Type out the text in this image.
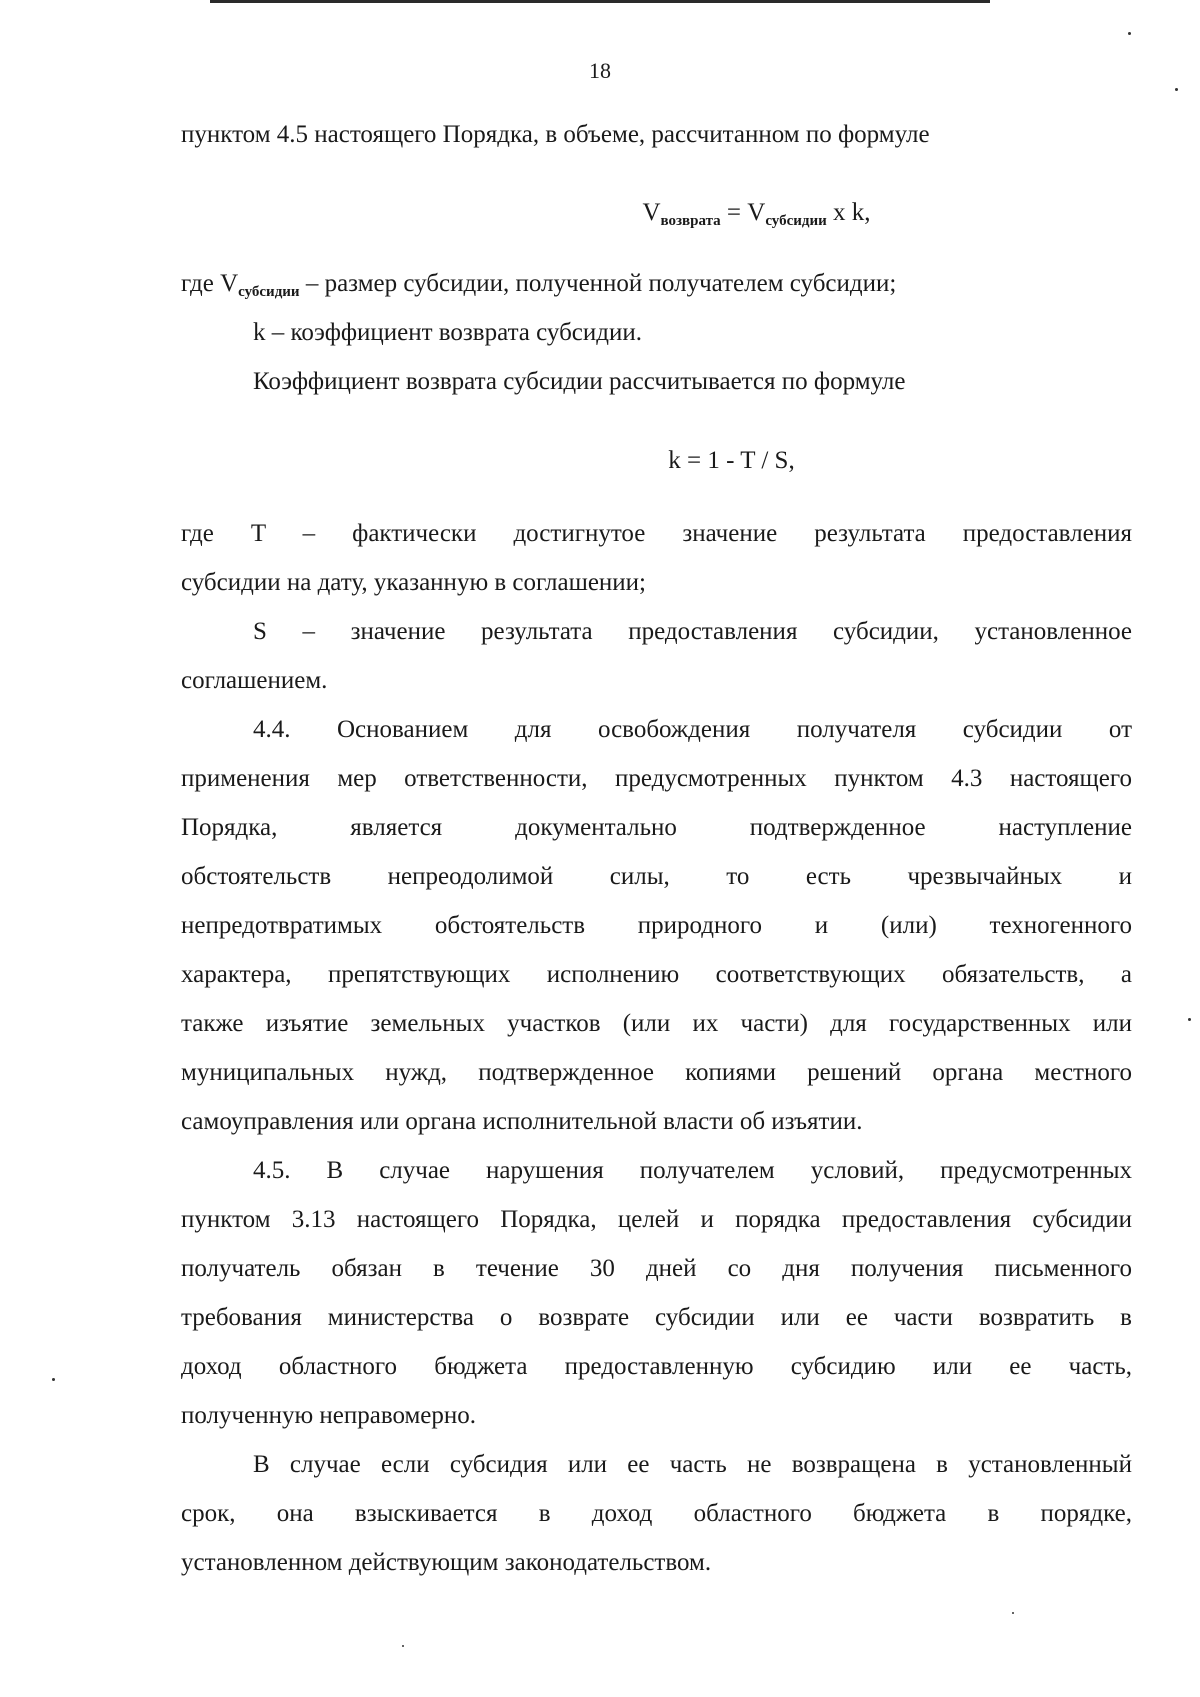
18

пунктом 4.5 настоящего Порядка, в объеме, рассчитанном по формуле

$V_{возврата} = V_{субсидии}$ x k,

где $V_{субсидии}$ – размер субсидии, полученной получателем субсидии;

k – коэффициент возврата субсидии.

Коэффициент возврата субсидии рассчитывается по формуле

k = 1 - T / S,

где T – фактически достигнутое значение результата предоставления
субсидии на дату, указанную в соглашении;
S – значение результата предоставления субсидии, установленное
соглашением.
4.4. Основанием для освобождения получателя субсидии от
применения мер ответственности, предусмотренных пунктом 4.3 настоящего
Порядка, является документально подтвержденное наступление
обстоятельств непреодолимой силы, то есть чрезвычайных и
непредотвратимых обстоятельств природного и (или) техногенного
характера, препятствующих исполнению соответствующих обязательств, а
также изъятие земельных участков (или их части) для государственных или
муниципальных нужд, подтвержденное копиями решений органа местного
самоуправления или органа исполнительной власти об изъятии.
4.5. В случае нарушения получателем условий, предусмотренных
пунктом 3.13 настоящего Порядка, целей и порядка предоставления субсидии
получатель обязан в течение 30 дней со дня получения письменного
требования министерства о возврате субсидии или ее части возвратить в
доход областного бюджета предоставленную субсидию или ее часть,
полученную неправомерно.
В случае если субсидия или ее часть не возвращена в установленный
срок, она взыскивается в доход областного бюджета в порядке,
установленном действующим законодательством.
